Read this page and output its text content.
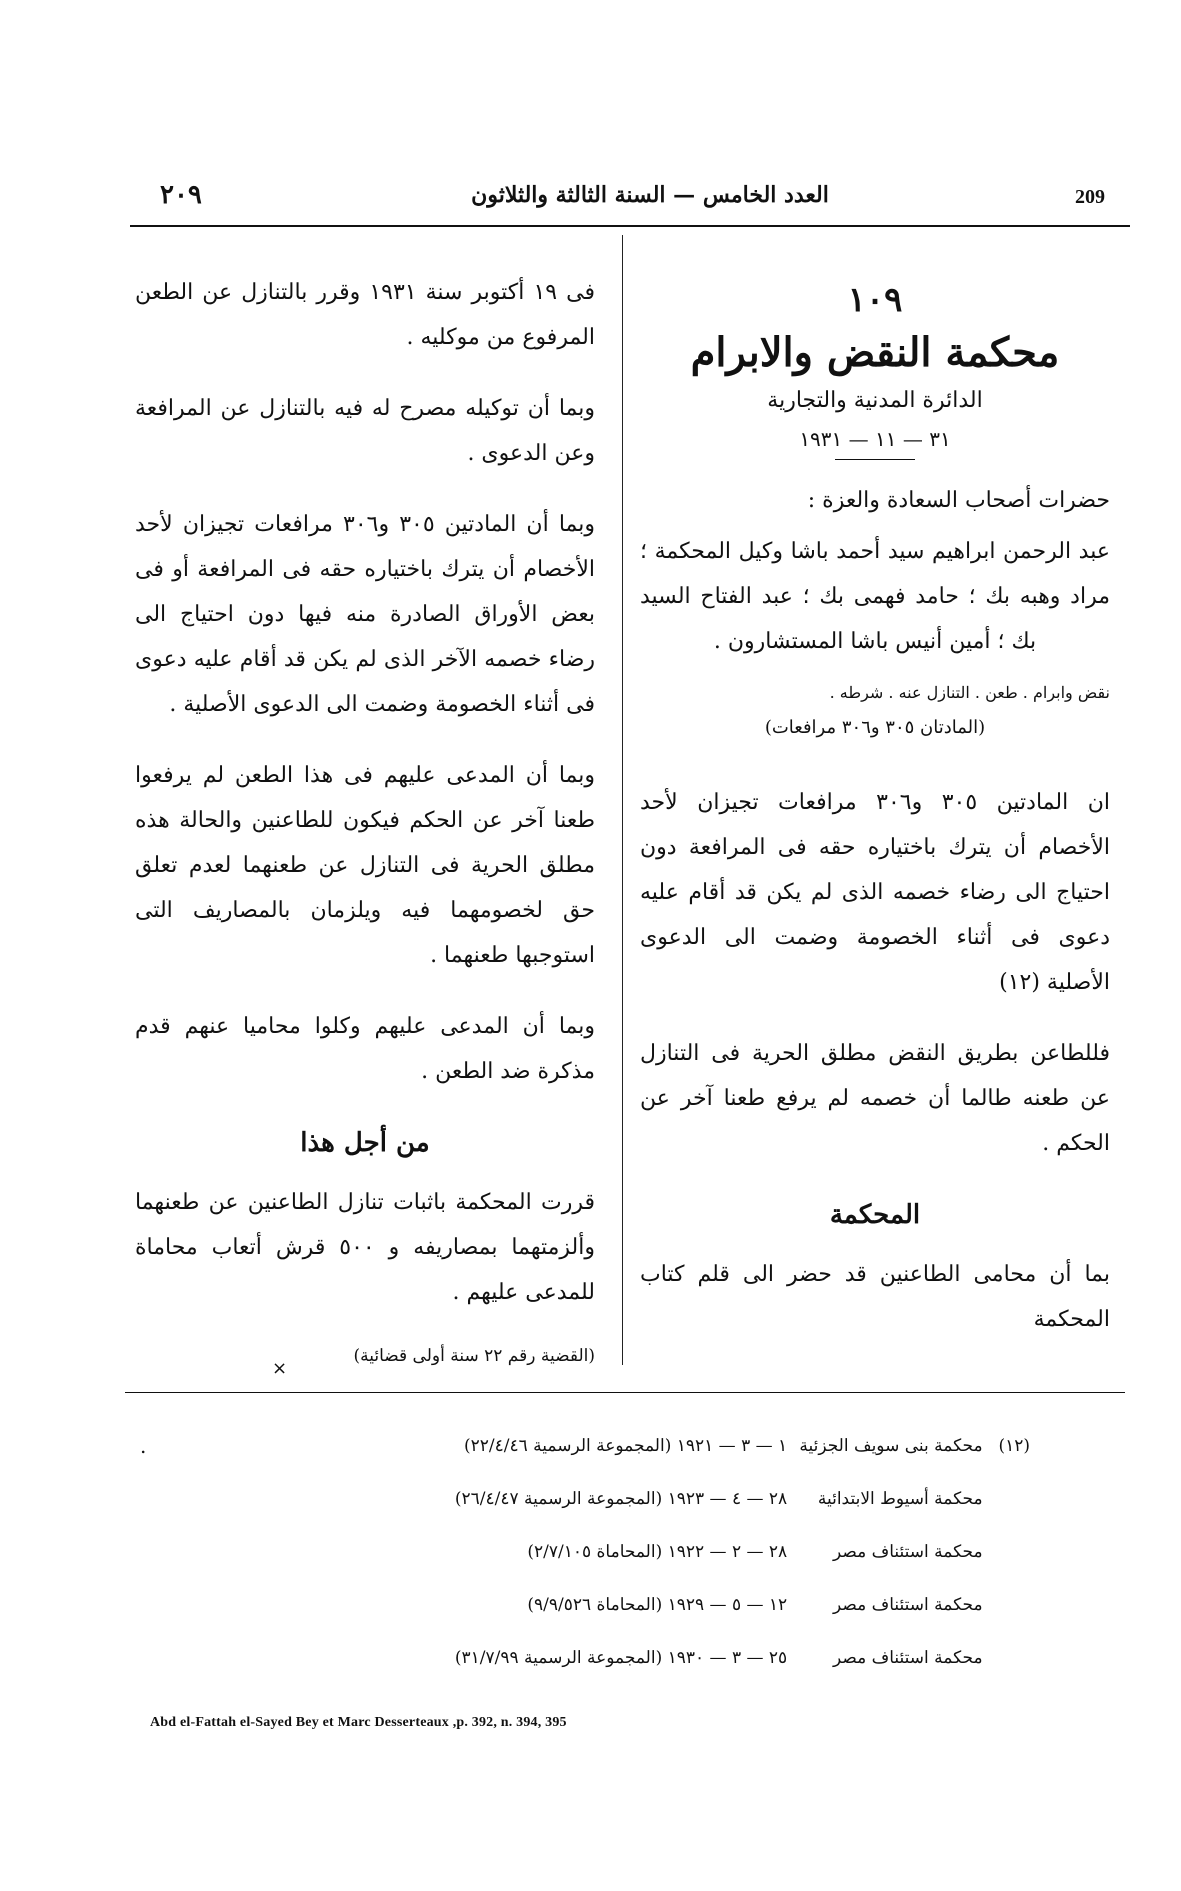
٢٠٩	العدد الخامس — السنة الثالثة والثلاثون	209
١٠٩
محكمة النقض والابرام
الدائرة المدنية والتجارية
٣١ — ١١ — ١٩٣١

حضرات أصحاب السعادة والعزة :

عبد الرحمن ابراهيم سيد أحمد باشا وكيل المحكمة ؛ مراد وهبه بك ؛ حامد فهمى بك ؛ عبد الفتاح السيد بك ؛ أمين أنيس باشا المستشارون .

نقض وابرام . طعن . التنازل عنه . شرطه .
(المادتان ٣٠٥ و٣٠٦ مرافعات)

ان المادتين ٣٠٥ و٣٠٦ مرافعات تجيزان لأحد الأخصام أن يترك باختياره حقه فى المرافعة دون احتياج الى رضاء خصمه الذى لم يكن قد أقام عليه دعوى فى أثناء الخصومة وضمت الى الدعوى الأصلية (١٢)

فللطاعن بطريق النقض مطلق الحرية فى التنازل عن طعنه طالما أن خصمه لم يرفع طعنا آخر عن الحكم .

المحكمة

بما أن محامى الطاعنين قد حضر الى قلم كتاب المحكمة

فى ١٩ أكتوبر سنة ١٩٣١ وقرر بالتنازل عن الطعن المرفوع من موكليه .

وبما أن توكيله مصرح له فيه بالتنازل عن المرافعة وعن الدعوى .

وبما أن المادتين ٣٠٥ و٣٠٦ مرافعات تجيزان لأحد الأخصام أن يترك باختياره حقه فى المرافعة أو فى بعض الأوراق الصادرة منه فيها دون احتياج الى رضاء خصمه الآخر الذى لم يكن قد أقام عليه دعوى فى أثناء الخصومة وضمت الى الدعوى الأصلية .

وبما أن المدعى عليهم فى هذا الطعن لم يرفعوا طعنا آخر عن الحكم فيكون للطاعنين والحالة هذه مطلق الحرية فى التنازل عن طعنهما لعدم تعلق حق لخصومهما فيه ويلزمان بالمصاريف التى استوجبها طعنهما .

وبما أن المدعى عليهم وكلوا محاميا عنهم قدم مذكرة ضد الطعن .

من أجل هذا

قررت المحكمة باثبات تنازل الطاعنين عن طعنهما وألزمتهما بمصاريفه و ٥٠٠ قرش أتعاب محاماة للمدعى عليهم .

(القضية رقم ٢٢ سنة أولى قضائية)
×
.	(١٢) محكمة بنى سويف الجزئية ١ — ٣ — ١٩٢١ (المجموعة الرسمية ٢٢/٤/٤٦)
محكمة أسيوط الابتدائية ٢٨ — ٤ — ١٩٢٣ (المجموعة الرسمية ٢٦/٤/٤٧)
محكمة استئناف مصر ٢٨ — ٢ — ١٩٢٢ (المحاماة ٢/٧/١٠٥)
محكمة استئناف مصر ١٢ — ٥ — ١٩٢٩ (المحاماة ٩/٩/٥٢٦)
محكمة استئناف مصر ٢٥ — ٣ — ١٩٣٠ (المجموعة الرسمية ٣١/٧/٩٩)
Abd el-Fattah el-Sayed Bey et Marc Desserteaux ,p. 392, n. 394, 395
